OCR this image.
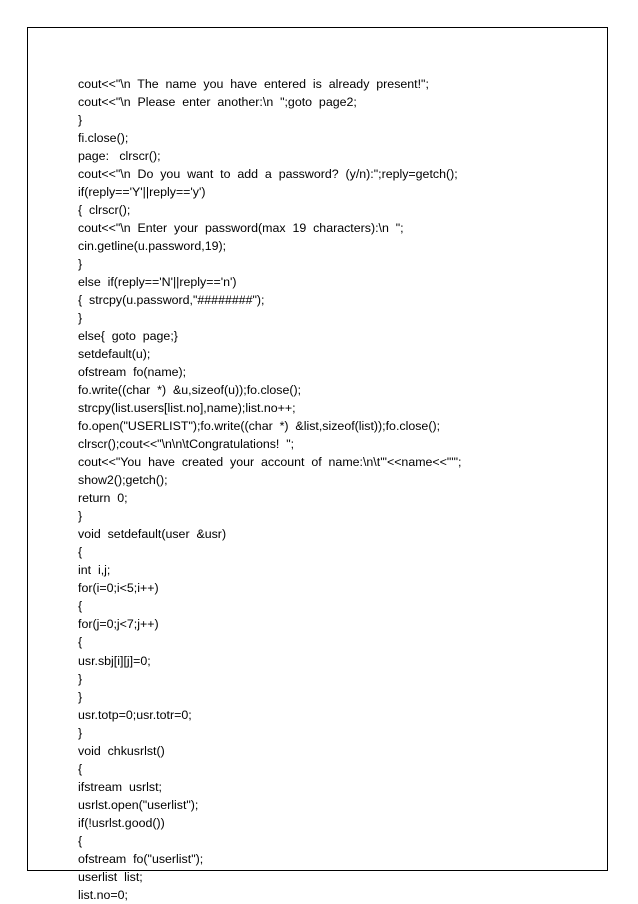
cout<<"\n  The  name  you  have  entered  is  already  present!";
cout<<"\n  Please  enter  another:\n  ";goto  page2;
}
fi.close();
page:   clrscr();
cout<<"\n  Do  you  want  to  add  a  password?  (y/n):";reply=getch();
if(reply=='Y'||reply=='y')
{  clrscr();
cout<<"\n  Enter  your  password(max  19  characters):\n  ";
cin.getline(u.password,19);
}
else  if(reply=='N'||reply=='n')
{  strcpy(u.password,"########");
}
else{  goto  page;}
setdefault(u);
ofstream  fo(name);
fo.write((char  *)  &u,sizeof(u));fo.close();
strcpy(list.users[list.no],name);list.no++;
fo.open("USERLIST");fo.write((char  *)  &list,sizeof(list));fo.close();
clrscr();cout<<"\n\n\tCongratulations!  ";
cout<<"You  have  created  your  account  of  name:\n\t'"<<name<<"'";
show2();getch();
return  0;
}
void  setdefault(user  &usr)
{
int  i,j;
for(i=0;i<5;i++)
{
for(j=0;j<7;j++)
{
usr.sbj[i][j]=0;
}
}
usr.totp=0;usr.totr=0;
}
void  chkusrlst()
{
ifstream  usrlst;
usrlst.open("userlist");
if(!usrlst.good())
{
ofstream  fo("userlist");
userlist  list;
list.no=0;
